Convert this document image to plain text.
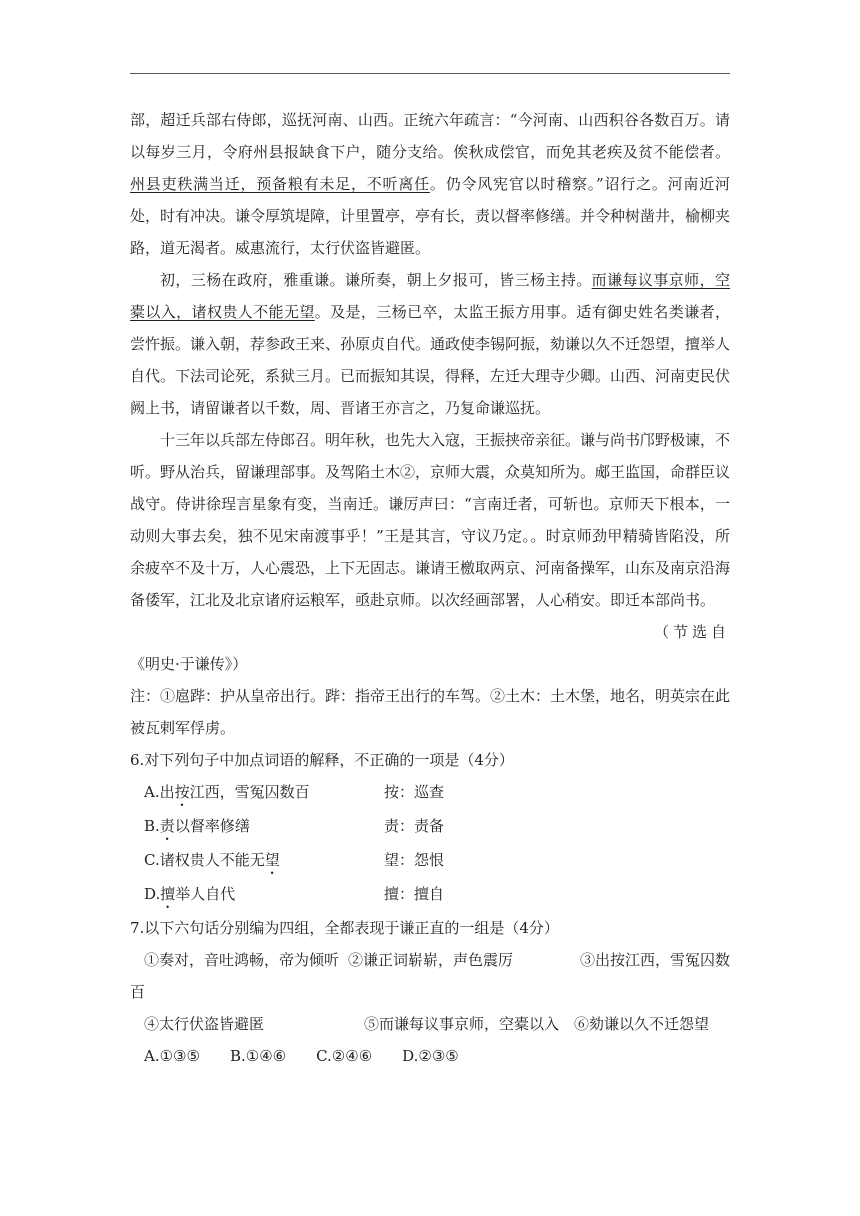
部，超迁兵部右侍郎，巡抚河南、山西。正统六年疏言：“今河南、山西积谷各数百万。请以每岁三月，令府州县报缺食下户，随分支给。俟秋成偿官，而免其老疾及贫不能偿者。州县吏秩满当迁，预备粮有未足，不听离任。仍令风宪官以时稽察。”诏行之。河南近河处，时有冲决。谦令厚筑堤障，计里置亭，亭有长，责以督率修缮。并令种树凿井，榆柳夹路，道无渴者。威惠流行，太行伏盗皆避匿。

初，三杨在政府，雅重谦。谦所奏，朝上夕报可，皆三杨主持。而谦每议事京师，空橐以入，诸权贵人不能无望。及是，三杨已卒，太监王振方用事。适有御史姓名类谦者，尝忤振。谦入朝，荐参政王来、孙原贞自代。通政使李锡阿振，劾谦以久不迁怨望，擅举人自代。下法司论死，系狱三月。已而振知其误，得释，左迁大理寺少卿。山西、河南吏民伏阙上书，请留谦者以千数，周、晋诸王亦言之，乃复命谦巡抚。

十三年以兵部左侍郎召。明年秋，也先大入寇，王振挟帝亲征。谦与尚书邝野极谏，不听。野从治兵，留谦理部事。及驾陷土木②，京师大震，众莫知所为。郕王监国，命群臣议战守。侍讲徐珵言星象有变，当南迁。谦厉声曰：“言南迁者，可斩也。京师天下根本，一动则大事去矣，独不见宋南渡事乎！”王是其言，守议乃定。。时京师劲甲精骑皆陷没，所余疲卒不及十万，人心震恐，上下无固志。谦请王檄取两京、河南备操军，山东及南京沿海备倭军，江北及北京诸府运粮军，亟赴京师。以次经画部署，人心稍安。即迁本部尚书。

（节选自

《明史·于谦传》）

注：①扈跸：护从皇帝出行。跸：指帝王出行的车驾。②土木：土木堡，地名，明英宗在此被瓦剌军俘虏。

6.对下列句子中加点词语的解释，不正确的一项是（4分）

A.出按江西，雪冤囚数百	按：巡查
B.责以督率修缮	责：责备
C.诸权贵人不能无望	望：怨恨
D.擅举人自代	擅：擅自

7.以下六句话分别编为四组，全都表现于谦正直的一组是（4分）

①奏对，音吐鸿畅，帝为倾听 ②谦正词崭崭，声色震厉	③出按江西，雪冤囚数

百

④太行伏盗皆避匿	⑤而谦每议事京师，空橐以入 ⑥劾谦以久不迁怨望
A.①③⑤ B.①④⑥ C.②④⑥ D.②③⑤
